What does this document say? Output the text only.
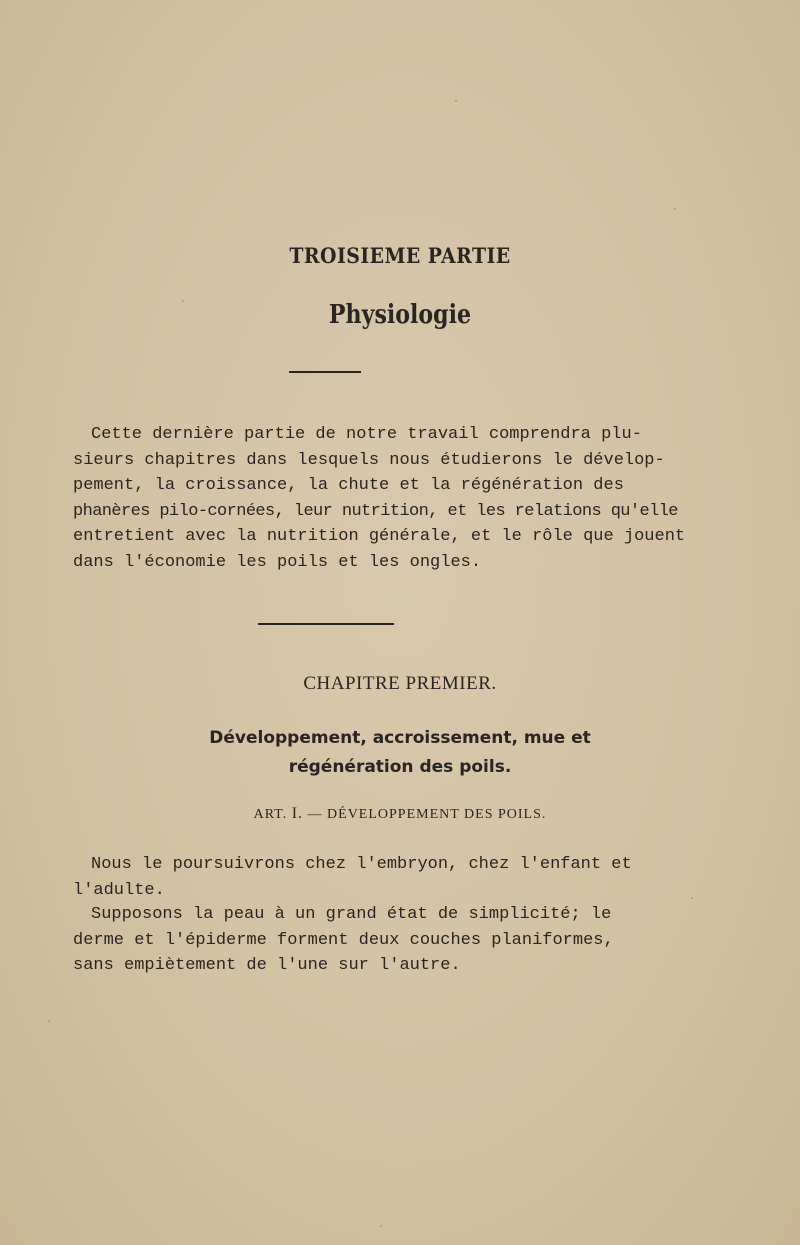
TROISIEME PARTIE
Physiologie
Cette dernière partie de notre travail comprendra plu-
sieurs chapitres dans lesquels nous étudierons le dévelop-
pement, la croissance, la chute et la régénération des
phanères pilo-cornées, leur nutrition, et les relations qu'elle
entretient avec la nutrition générale, et le rôle que jouent
dans l'économie les poils et les ongles.
CHAPITRE PREMIER.
Développement, accroissement, mue et
régénération des poils.
ART. I. — DÉVELOPPEMENT DES POILS.
Nous le poursuivrons chez l'embryon, chez l'enfant et
l'adulte.
Supposons la peau à un grand état de simplicité; le
derme et l'épiderme forment deux couches planiformes,
sans empiètement de l'une sur l'autre.
